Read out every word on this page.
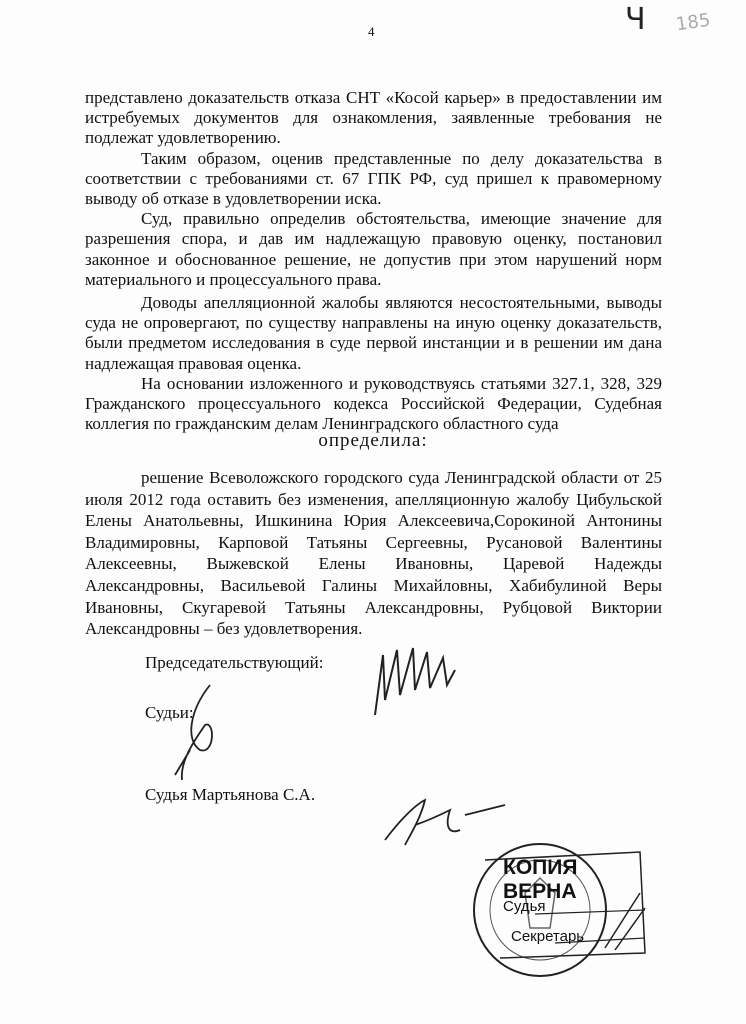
4	Ч 185
представлено доказательств отказа СНТ «Косой карьер» в предоставлении им
истребуемых документов для ознакомления, заявленные требования не
подлежат удовлетворению.
Таким образом, оценив представленные по делу доказательства в
соответствии с требованиями ст. 67 ГПК РФ, суд пришел к правомерному
выводу об отказе в удовлетворении иска.
Суд, правильно определив обстоятельства, имеющие значение для
разрешения спора, и дав им надлежащую правовую оценку, постановил
законное и обоснованное решение, не допустив при этом нарушений норм
материального и процессуального права.
Доводы апелляционной жалобы являются несостоятельными, выводы
суда не опровергают, по существу направлены на иную оценку доказательств,
были предметом исследования в суде первой инстанции и в решении им дана
надлежащая правовая оценка.
На основании изложенного и руководствуясь статьями 327.1, 328, 329
Гражданского процессуального кодекса Российской Федерации, Судебная
коллегия по гражданским делам Ленинградского областного суда
определила:
решение Всеволожского городского суда Ленинградской области от 25
июля 2012 года оставить без изменения, апелляционную жалобу Цибульской
Елены Анатольевны, Ишкинина Юрия Алексеевича,Сорокиной Антонины
Владимировны, Карповой Татьяны Сергеевны, Русановой Валентины
Алексеевны, Выжевской Елены Ивановны, Царевой Надежды
Александровны, Васильевой Галины Михайловны, Хабибулиной Веры
Ивановны, Скугаревой Татьяны Александровны, Рубцовой Виктории
Александровны – без удовлетворения.
Председательствующий:
Судьи:
Судья Мартьянова С.А.
КОПИЯ ВЕРНА
Судья
Секретарь
